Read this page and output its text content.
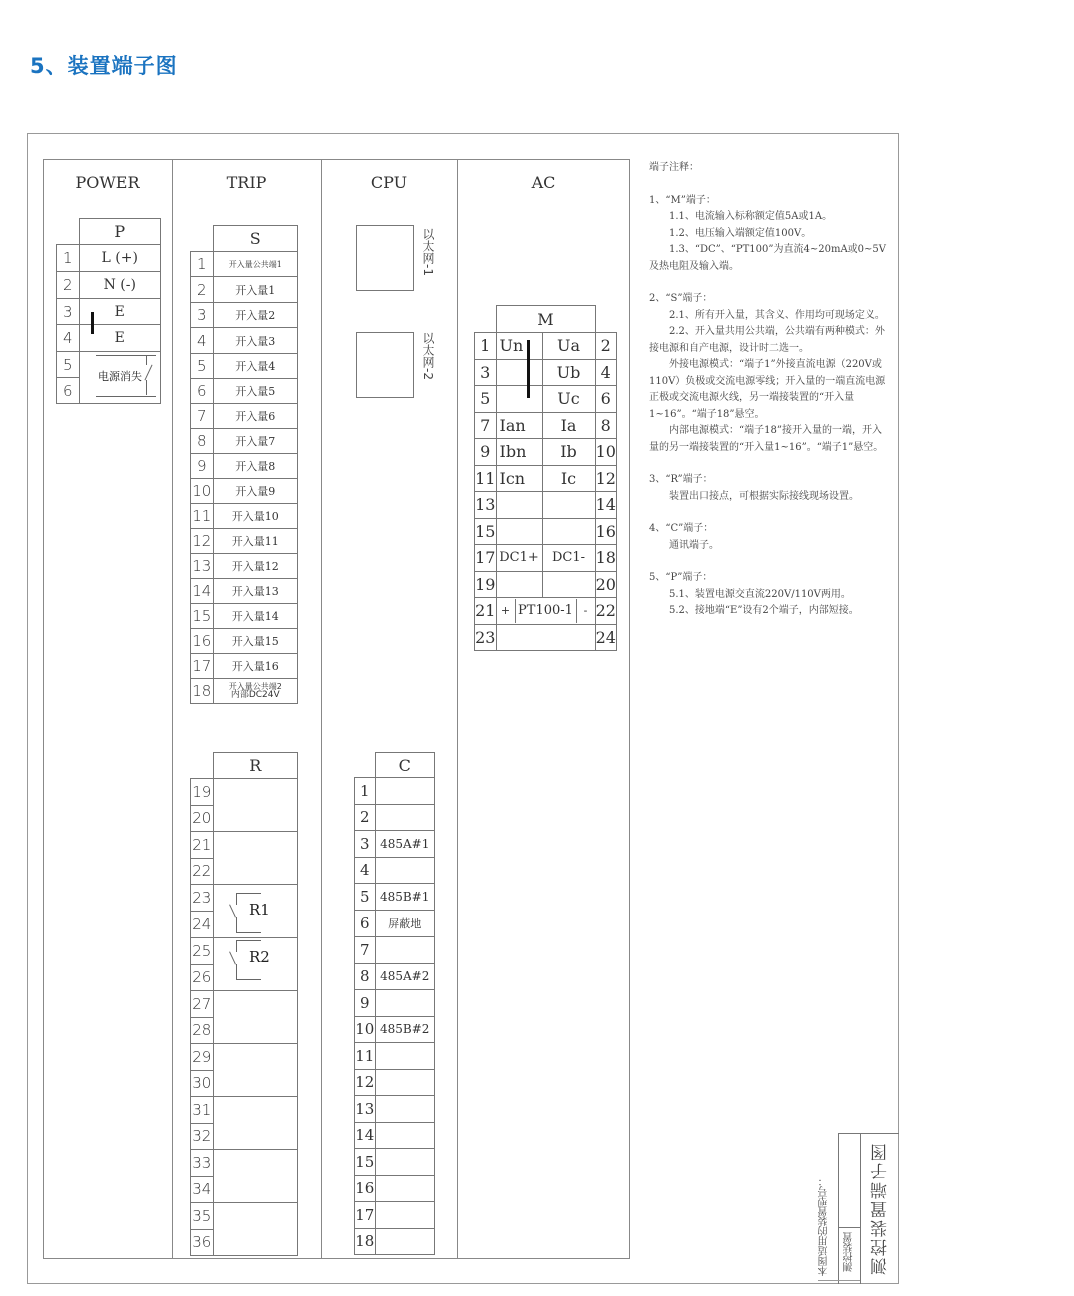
5、装置端子图
POWER	TRIP	CPU	AC
	P
1	L (+)
2	N (-)
3	E
4	E
5	
6	
电源消失
	S
1	开入量公共端1
2	开入量1
3	开入量2
4	开入量3
5	开入量4
6	开入量5
7	开入量6
8	开入量7
9	开入量8
10	开入量9
11	开入量10
12	开入量11
13	开入量12
14	开入量13
15	开入量14
16	开入量15
17	开入量16
18	开入量公共端2
内部DC24V
	R
19	
20	
21	
22	
23	
24	
25	
26	
27	
28	
29	
30	
31	
32	
33	
34	
35	
36	
R1
R2
以太网-1
以太网-2
	C
1	
2	
3	485A#1
4	
5	485B#1
6	屏蔽地
7	
8	485A#2
9	
10	485B#2
11	
12	
13	
14	
15	
16	
17	
18	
	M		
1	Un	Ua	2
3		Ub	4
5		Uc	6
7	Ian	Ia	8
9	Ibn	Ib	10
11	Icn	Ic	12
13			14
15			16
17	DC1+	DC1-	18
19			20
21	+ PT100-1 -		22
23			24

端子注释：

1、“M”端子：

1.1、电流输入标称额定值5A或1A。

1.2、电压输入端额定值100V。

1.3、“DC”、“PT100”为直流4~20mA或0~5V及热电阻及输入端。

2、“S”端子：

2.1、所有开入量，其含义、作用均可现场定义。

2.2、开入量共用公共端，公共端有两种模式：外接电源和自产电源，设计时二选一。

外接电源模式：“端子1”外接直流电源（220V或110V）负极或交流电源零线；开入量的一端直流电源正极或交流电源火线，另一端接装置的“开入量1~16”。“端子18”悬空。

内部电源模式：“端子18”接开入量的一端，开入量的另一端接装置的“开入量1~16”。“端子1”悬空。

3、“R”端子：

装置出口接点，可根据实际接线现场设置。

4、“C”端子：

通讯端子。

5、“P”端子：

5.1、装置电源交直流220V/110V两用。

5.2、接地端“E”设有2个端子，内部短接。

本图适用的装置型号： 测控装置 测控装置端子图
